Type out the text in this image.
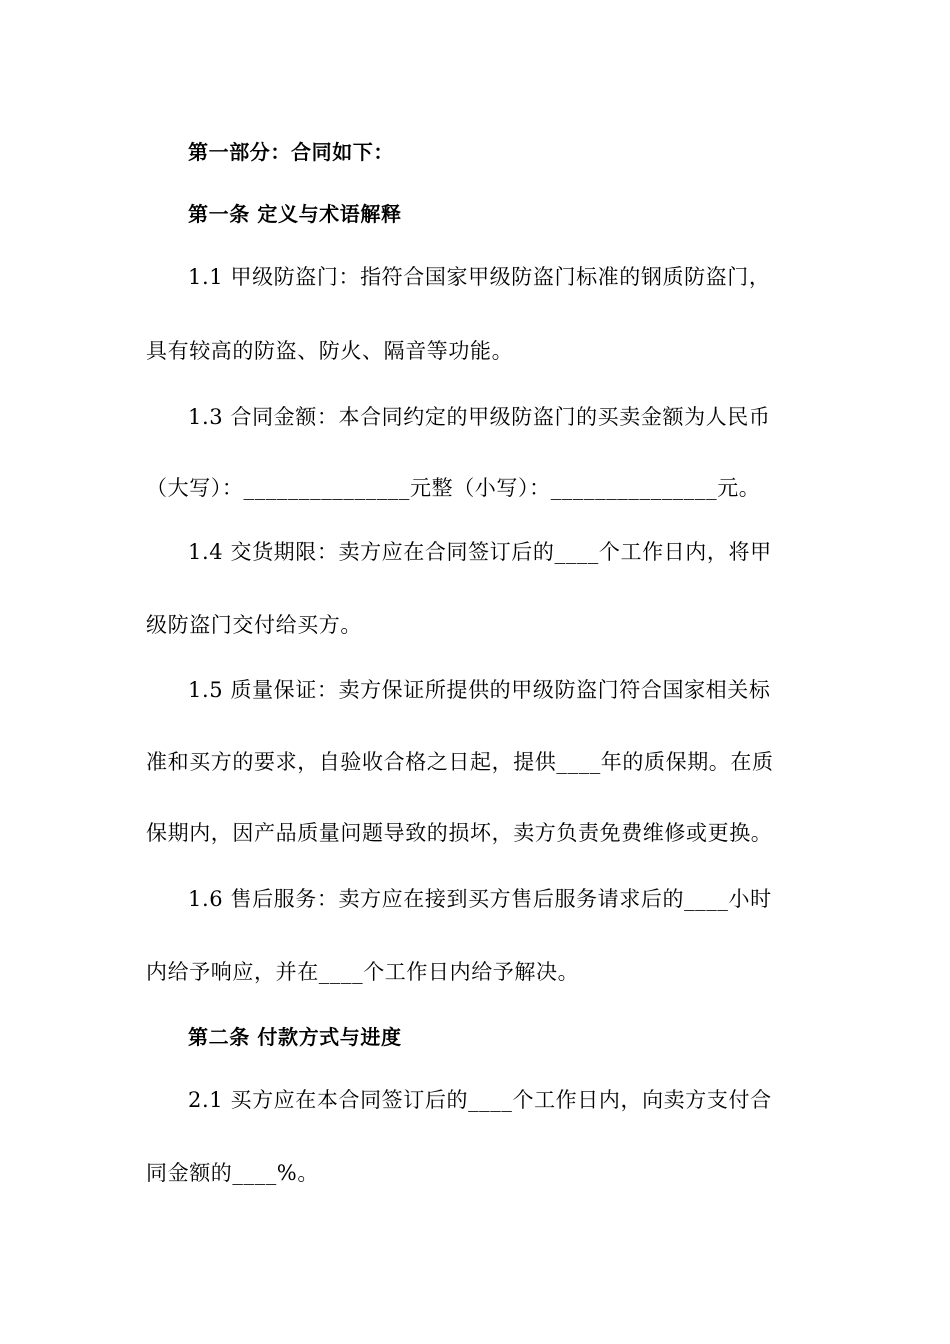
第一部分：合同如下：
第一条 定义与术语解释
1.1 甲级防盗门：指符合国家甲级防盗门标准的钢质防盗门，
具有较高的防盗、防火、隔音等功能。
1.3 合同金额：本合同约定的甲级防盗门的买卖金额为人民币
（大写）：_______________元整（小写）：_______________元。
1.4 交货期限：卖方应在合同签订后的____个工作日内，将甲
级防盗门交付给买方。
1.5 质量保证：卖方保证所提供的甲级防盗门符合国家相关标
准和买方的要求，自验收合格之日起，提供____年的质保期。在质
保期内，因产品质量问题导致的损坏，卖方负责免费维修或更换。
1.6 售后服务：卖方应在接到买方售后服务请求后的____小时
内给予响应，并在____个工作日内给予解决。
第二条 付款方式与进度
2.1 买方应在本合同签订后的____个工作日内，向卖方支付合
同金额的____%。
